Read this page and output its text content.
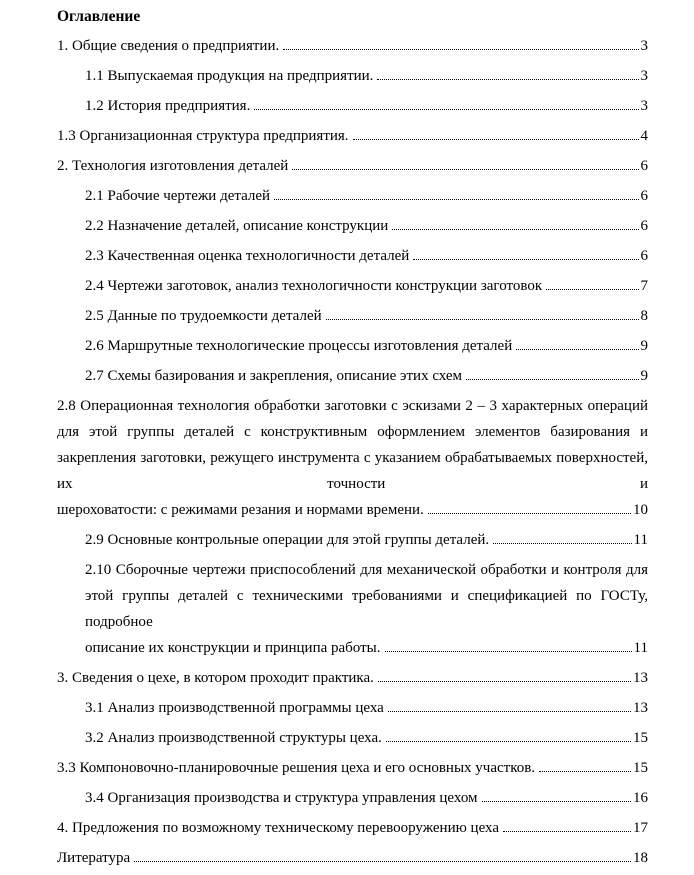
Оглавление
1. Общие сведения о предприятии.	3
1.1 Выпускаемая продукция на предприятии.	3
1.2 История предприятия.	3
1.3 Организационная структура предприятия.	4
2. Технология изготовления деталей	6
2.1 Рабочие чертежи деталей	6
2.2 Назначение деталей, описание конструкции	6
2.3 Качественная оценка технологичности деталей	6
2.4 Чертежи заготовок, анализ технологичности конструкции заготовок	7
2.5 Данные по трудоемкости деталей	8
2.6 Маршрутные технологические процессы изготовления деталей	9
2.7 Схемы базирования и закрепления, описание этих схем	9
2.8 Операционная технология обработки заготовки с эскизами 2 – 3 характерных операций для этой группы деталей с конструктивным оформлением элементов базирования и закрепления заготовки, режущего инструмента с указанием обрабатываемых поверхностей, их точности и
шероховатости: с режимами резания и нормами времени.	10
2.9 Основные контрольные операции для этой группы деталей.	11
2.10 Сборочные чертежи приспособлений для механической обработки и контроля для этой группы деталей с техническими требованиями и спецификацией по ГОСТу, подробное
описание их конструкции и принципа работы.	11
3. Сведения о цехе, в котором проходит практика.	13
3.1 Анализ производственной программы цеха	13
3.2 Анализ производственной структуры цеха.	15
3.3 Компоновочно-планировочные решения цеха и его основных участков.	15
3.4 Организация производства и структура управления цехом	16
4. Предложения по возможному техническому перевооружению цеха	17
Литература	18
